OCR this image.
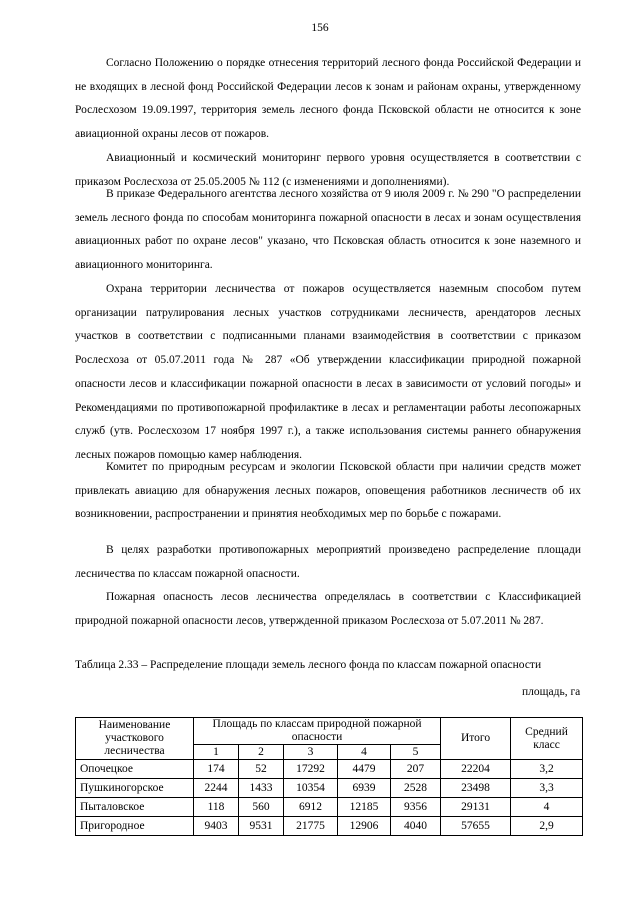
156

Согласно Положению о порядке отнесения территорий лесного фонда Российской Федерации и не входящих в лесной фонд Российской Федерации лесов к зонам и районам охраны, утвержденному Рослесхозом 19.09.1997, территория земель лесного фонда Псковской области не относится к зоне авиационной охраны лесов от пожаров.

Авиационный и космический мониторинг первого уровня осуществляется в соответствии с приказом Рослесхоза от 25.05.2005 № 112 (с изменениями и дополнениями).

В приказе Федерального агентства лесного хозяйства от 9 июля 2009 г. № 290 "О распределении земель лесного фонда по способам мониторинга пожарной опасности в лесах и зонам осуществления авиационных работ по охране лесов" указано, что Псковская область относится к зоне наземного и авиационного мониторинга.

Охрана территории лесничества от пожаров осуществляется наземным способом путем организации патрулирования лесных участков сотрудниками лесничеств, арендаторов лесных участков в соответствии с подписанными планами взаимодействия в соответствии с приказом Рослесхоза от 05.07.2011 года № 287 «Об утверждении классификации природной пожарной опасности лесов и классификации пожарной опасности в лесах в зависимости от условий погоды» и Рекомендациями по противопожарной профилактике в лесах и регламентации работы лесопожарных служб (утв. Рослесхозом 17 ноября 1997 г.), а также использования системы раннего обнаружения лесных пожаров помощью камер наблюдения.

Комитет по природным ресурсам и экологии Псковской области при наличии средств может привлекать авиацию для обнаружения лесных пожаров, оповещения работников лесничеств об их возникновении, распространении и принятия необходимых мер по борьбе с пожарами.

В целях разработки противопожарных мероприятий произведено распределение площади лесничества по классам пожарной опасности.

Пожарная опасность лесов лесничества определялась в соответствии с Классификацией природной пожарной опасности лесов, утвержденной приказом Рослесхоза от 5.07.2011 № 287.

Таблица 2.33 – Распределение площади земель лесного фонда по классам пожарной опасности

площадь, га

Наименование участкового лесничества	Площадь по классам природной пожарной опасности					Итого	Средний класс
	1	2	3	4	5		
Опочецкое	174	52	17292	4479	207	22204	3,2
Пушкиногорское	2244	1433	10354	6939	2528	23498	3,3
Пыталовское	118	560	6912	12185	9356	29131	4
Пригородное	9403	9531	21775	12906	4040	57655	2,9
